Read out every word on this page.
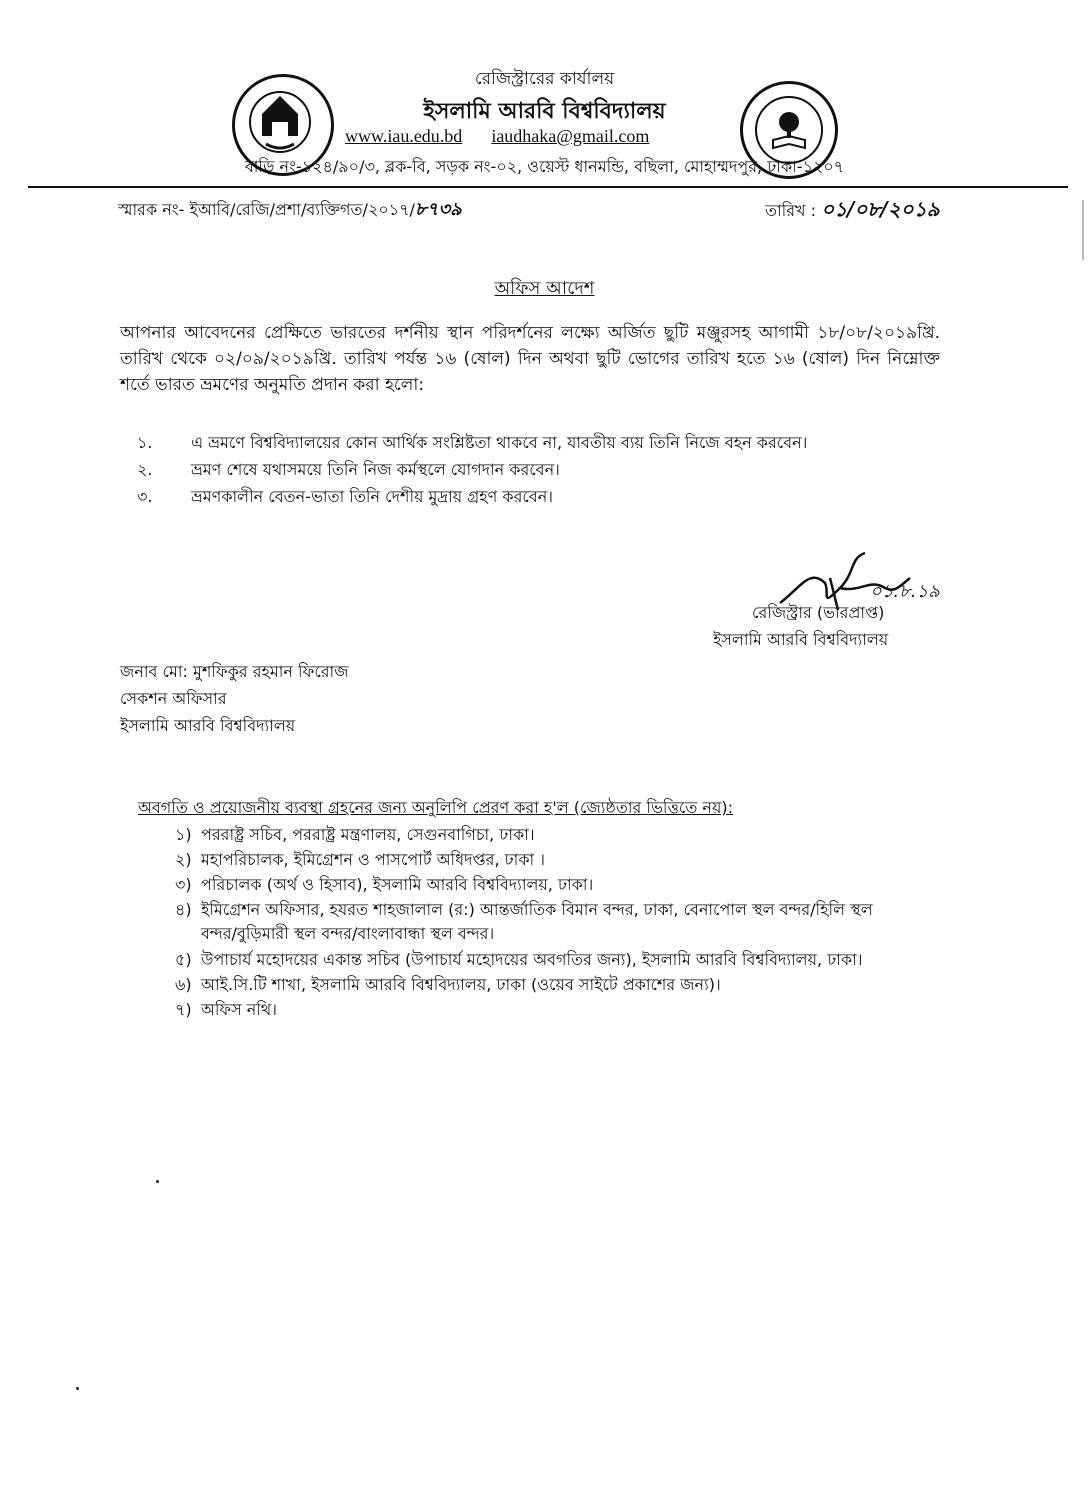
রেজিস্ট্রারের কার্যালয়
ইসলামি আরবি বিশ্ববিদ্যালয়
www.iau.edu.bd iaudhaka@gmail.com
বাড়ি নং-১২৪/৯০/৩, ব্লক-বি, সড়ক নং-০২, ওয়েস্ট ধানমন্ডি, বছিলা, মোহাম্মদপুর, ঢাকা-১২০৭
স্মারক নং- ইআবি/রেজি/প্রশা/ব্যক্তিগত/২০১৭/৮৭৩৯	তারিখ : ০১/০৮/২০১৯
অফিস আদেশ
আপনার আবেদনের প্রেক্ষিতে ভারতের দর্শনীয় স্থান পরিদর্শনের লক্ষ্যে অর্জিত ছুটি মঞ্জুরসহ আগামী ১৮/০৮/২০১৯খ্রি. তারিখ থেকে ০২/০৯/২০১৯খ্রি. তারিখ পর্যন্ত ১৬ (ষোল) দিন অথবা ছুটি ভোগের তারিখ হতে ১৬ (ষোল) দিন নিম্নোক্ত শর্তে ভারত ভ্রমণের অনুমতি প্রদান করা হলো:
১. এ ভ্রমণে বিশ্ববিদ্যালয়ের কোন আর্থিক সংশ্লিষ্টতা থাকবে না, যাবতীয় ব্যয় তিনি নিজে বহন করবেন।
২. ভ্রমণ শেষে যথাসময়ে তিনি নিজ কর্মস্থলে যোগদান করবেন।
৩. ভ্রমণকালীন বেতন-ভাতা তিনি দেশীয় মুদ্রায় গ্রহণ করবেন।
০১.৮.১৯
রেজিস্ট্রার (ভারপ্রাপ্ত)
ইসলামি আরবি বিশ্ববিদ্যালয়
জনাব মো: মুশফিকুর রহমান ফিরোজ
সেকশন অফিসার
ইসলামি আরবি বিশ্ববিদ্যালয়
অবগতি ও প্রয়োজনীয় ব্যবস্থা গ্রহনের জন্য অনুলিপি প্রেরণ করা হ'ল (জ্যেষ্ঠতার ভিত্তিতে নয়):
১) পররাষ্ট্র সচিব, পররাষ্ট্র মন্ত্রণালয়, সেগুনবাগিচা, ঢাকা।
২) মহাপরিচালক, ইমিগ্রেশন ও পাসপোর্ট অধিদপ্তর, ঢাকা ।
৩) পরিচালক (অর্থ ও হিসাব), ইসলামি আরবি বিশ্ববিদ্যালয়, ঢাকা।
৪) ইমিগ্রেশন অফিসার, হযরত শাহজালাল (র:) আন্তর্জাতিক বিমান বন্দর, ঢাকা, বেনাপোল স্থল বন্দর/হিলি স্থল
বন্দর/বুড়িমারী স্থল বন্দর/বাংলাবান্ধা স্থল বন্দর।
৫) উপাচার্য মহোদয়ের একান্ত সচিব (উপাচার্য মহোদয়ের অবগতির জন্য), ইসলামি আরবি বিশ্ববিদ্যালয়, ঢাকা।
৬) আই.সি.টি শাখা, ইসলামি আরবি বিশ্ববিদ্যালয়, ঢাকা (ওয়েব সাইটে প্রকাশের জন্য)।
৭) অফিস নথি।
